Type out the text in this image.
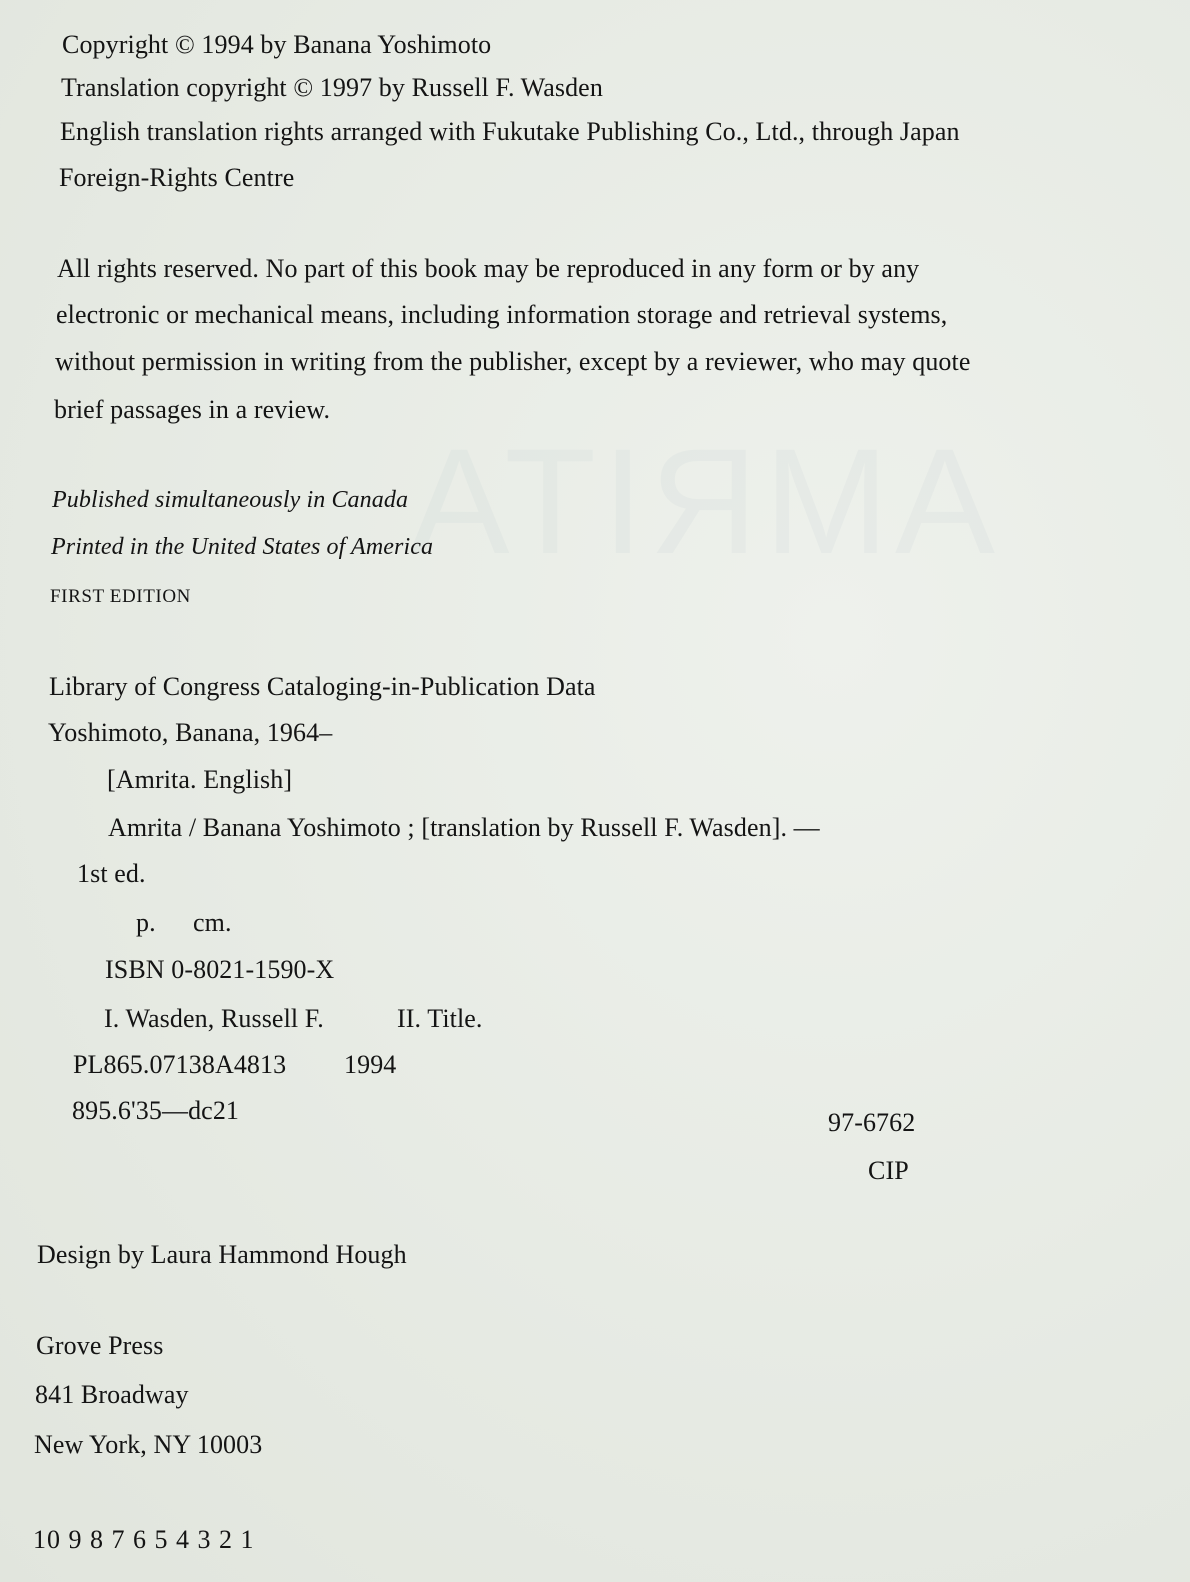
AMRITA
Copyright © 1994 by Banana Yoshimoto
Translation copyright © 1997 by Russell F. Wasden
English translation rights arranged with Fukutake Publishing Co., Ltd., through Japan
Foreign-Rights Centre
All rights reserved. No part of this book may be reproduced in any form or by any
electronic or mechanical means, including information storage and retrieval systems,
without permission in writing from the publisher, except by a reviewer, who may quote
brief passages in a review.
Published simultaneously in Canada
Printed in the United States of America
FIRST EDITION
Library of Congress Cataloging-in-Publication Data
Yoshimoto, Banana, 1964–
[Amrita. English]
Amrita / Banana Yoshimoto ; [translation by Russell F. Wasden]. —
1st ed.
p. cm.
ISBN 0-8021-1590-X
I. Wasden, Russell F.	II. Title.
PL865.07138A4813 1994
895.6'35—dc21	97-6762
CIP
Design by Laura Hammond Hough
Grove Press
841 Broadway
New York, NY 10003
10 9 8 7 6 5 4 3 2 1
